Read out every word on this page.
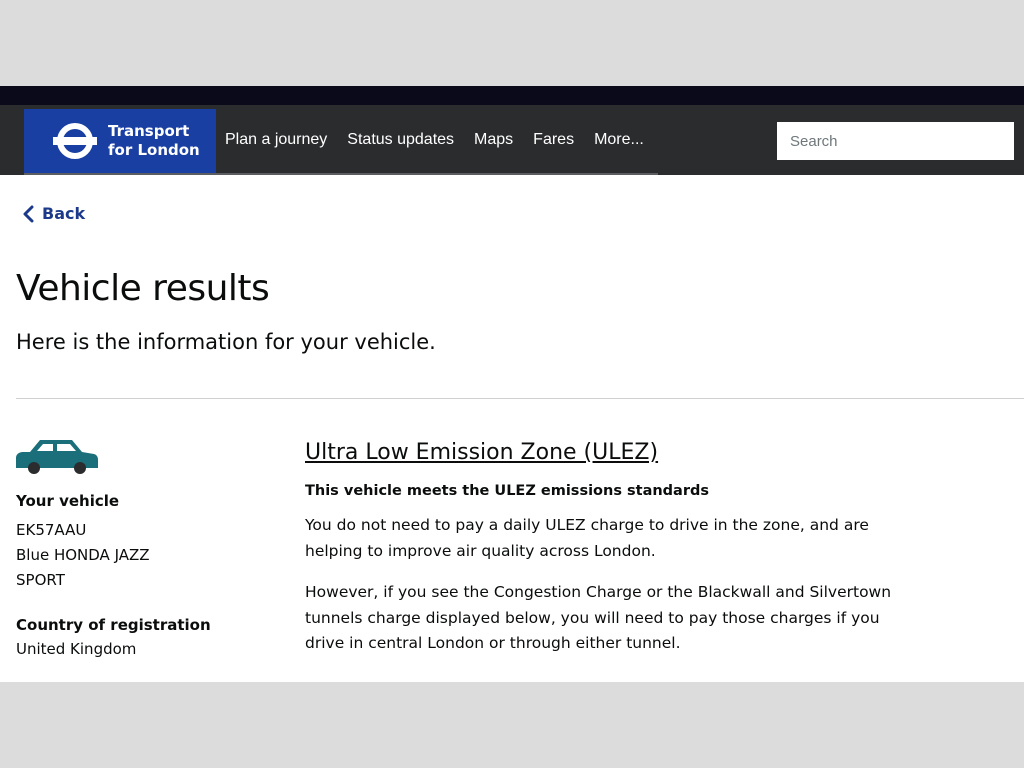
Transport
for London
Plan a journey Status updates Maps Fares More...
Search
Back
Vehicle results

Here is the information for your vehicle.

Your vehicle
EK57AAU
Blue HONDA JAZZ
SPORT
Country of registration
United Kingdom
Ultra Low Emission Zone (ULEZ)
This vehicle meets the ULEZ emissions standards

You do not need to pay a daily ULEZ charge to drive in the zone, and are helping to improve air quality across London.

However, if you see the Congestion Charge or the Blackwall and Silvertown tunnels charge displayed below, you will need to pay those charges if you drive in central London or through either tunnel.
